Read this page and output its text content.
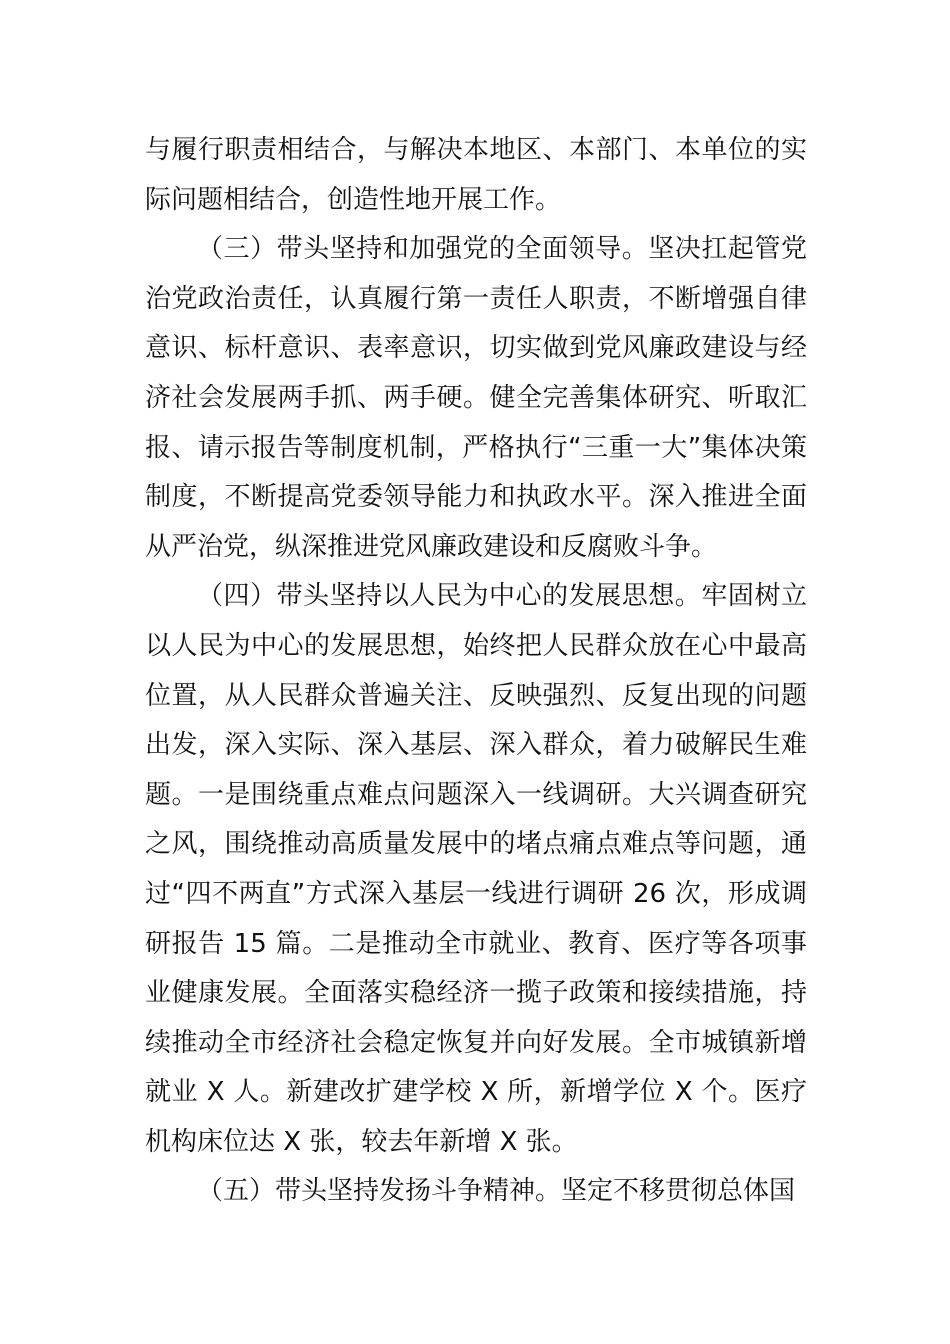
与履行职责相结合，与解决本地区、本部门、本单位的实际问题相结合，创造性地开展工作。

（三）带头坚持和加强党的全面领导。坚决扛起管党治党政治责任，认真履行第一责任人职责，不断增强自律意识、标杆意识、表率意识，切实做到党风廉政建设与经济社会发展两手抓、两手硬。健全完善集体研究、听取汇报、请示报告等制度机制，严格执行“三重一大”集体决策制度，不断提高党委领导能力和执政水平。深入推进全面从严治党，纵深推进党风廉政建设和反腐败斗争。

（四）带头坚持以人民为中心的发展思想。牢固树立以人民为中心的发展思想，始终把人民群众放在心中最高位置，从人民群众普遍关注、反映强烈、反复出现的问题出发，深入实际、深入基层、深入群众，着力破解民生难题。一是围绕重点难点问题深入一线调研。大兴调查研究之风，围绕推动高质量发展中的堵点痛点难点等问题，通过“四不两直”方式深入基层一线进行调研 26 次，形成调研报告 15 篇。二是推动全市就业、教育、医疗等各项事业健康发展。全面落实稳经济一揽子政策和接续措施，持续推动全市经济社会稳定恢复并向好发展。全市城镇新增就业 X 人。新建改扩建学校 X 所，新增学位 X 个。医疗机构床位达 X 张，较去年新增 X 张。

（五）带头坚持发扬斗争精神。坚定不移贯彻总体国
